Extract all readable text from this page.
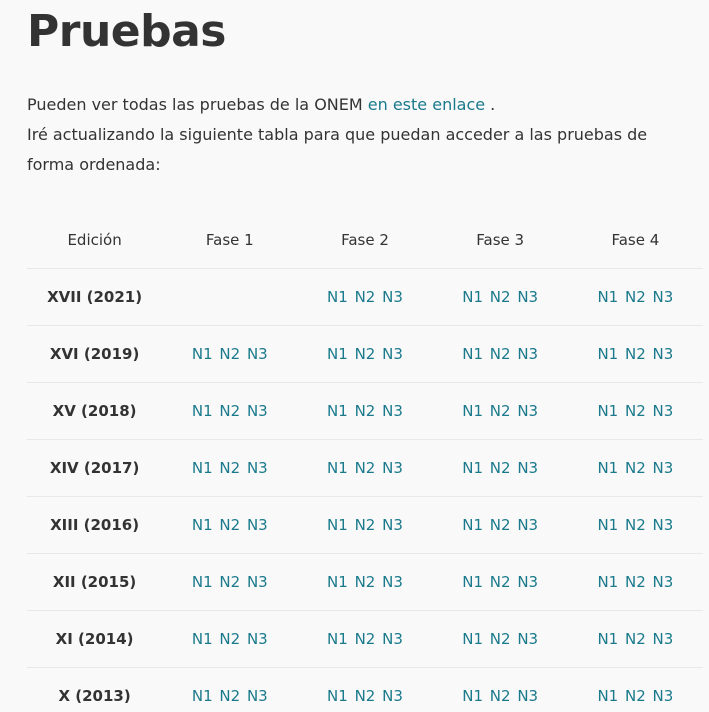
Pruebas

Pueden ver todas las pruebas de la ONEM en este enlace .

Iré actualizando la siguiente tabla para que puedan acceder a las pruebas de forma ordenada:

Edición	Fase 1	Fase 2	Fase 3	Fase 4
XVII (2021)		N1 N2 N3	N1 N2 N3	N1 N2 N3
XVI (2019)	N1 N2 N3	N1 N2 N3	N1 N2 N3	N1 N2 N3
XV (2018)	N1 N2 N3	N1 N2 N3	N1 N2 N3	N1 N2 N3
XIV (2017)	N1 N2 N3	N1 N2 N3	N1 N2 N3	N1 N2 N3
XIII (2016)	N1 N2 N3	N1 N2 N3	N1 N2 N3	N1 N2 N3
XII (2015)	N1 N2 N3	N1 N2 N3	N1 N2 N3	N1 N2 N3
XI (2014)	N1 N2 N3	N1 N2 N3	N1 N2 N3	N1 N2 N3
X (2013)	N1 N2 N3	N1 N2 N3	N1 N2 N3	N1 N2 N3
